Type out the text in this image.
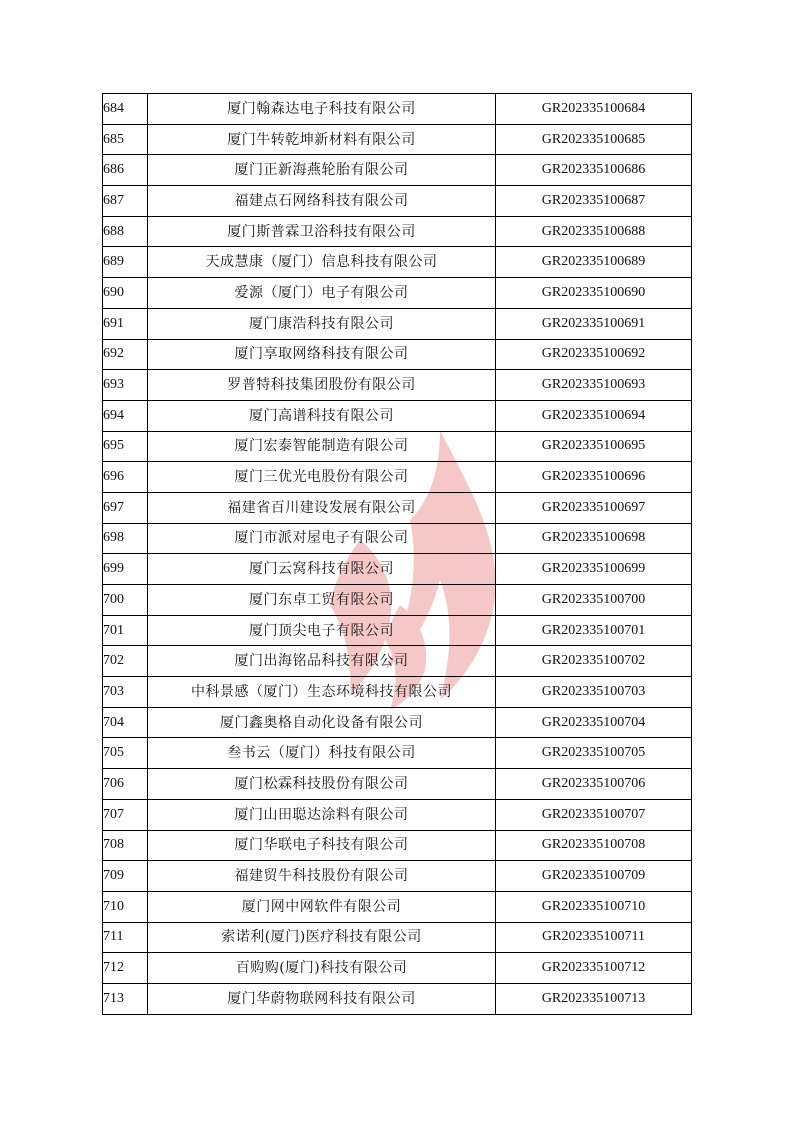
684	厦门翰森达电子科技有限公司	GR202335100684
685	厦门牛转乾坤新材料有限公司	GR202335100685
686	厦门正新海燕轮胎有限公司	GR202335100686
687	福建点石网络科技有限公司	GR202335100687
688	厦门斯普霖卫浴科技有限公司	GR202335100688
689	天成慧康（厦门）信息科技有限公司	GR202335100689
690	爱源（厦门）电子有限公司	GR202335100690
691	厦门康浩科技有限公司	GR202335100691
692	厦门享取网络科技有限公司	GR202335100692
693	罗普特科技集团股份有限公司	GR202335100693
694	厦门高谱科技有限公司	GR202335100694
695	厦门宏泰智能制造有限公司	GR202335100695
696	厦门三优光电股份有限公司	GR202335100696
697	福建省百川建设发展有限公司	GR202335100697
698	厦门市派对屋电子有限公司	GR202335100698
699	厦门云窝科技有限公司	GR202335100699
700	厦门东卓工贸有限公司	GR202335100700
701	厦门顶尖电子有限公司	GR202335100701
702	厦门出海铭品科技有限公司	GR202335100702
703	中科景感（厦门）生态环境科技有限公司	GR202335100703
704	厦门鑫奥格自动化设备有限公司	GR202335100704
705	叁书云（厦门）科技有限公司	GR202335100705
706	厦门松霖科技股份有限公司	GR202335100706
707	厦门山田聪达涂料有限公司	GR202335100707
708	厦门华联电子科技有限公司	GR202335100708
709	福建贸牛科技股份有限公司	GR202335100709
710	厦门网中网软件有限公司	GR202335100710
711	索诺利(厦门)医疗科技有限公司	GR202335100711
712	百购购(厦门)科技有限公司	GR202335100712
713	厦门华蔚物联网科技有限公司	GR202335100713
